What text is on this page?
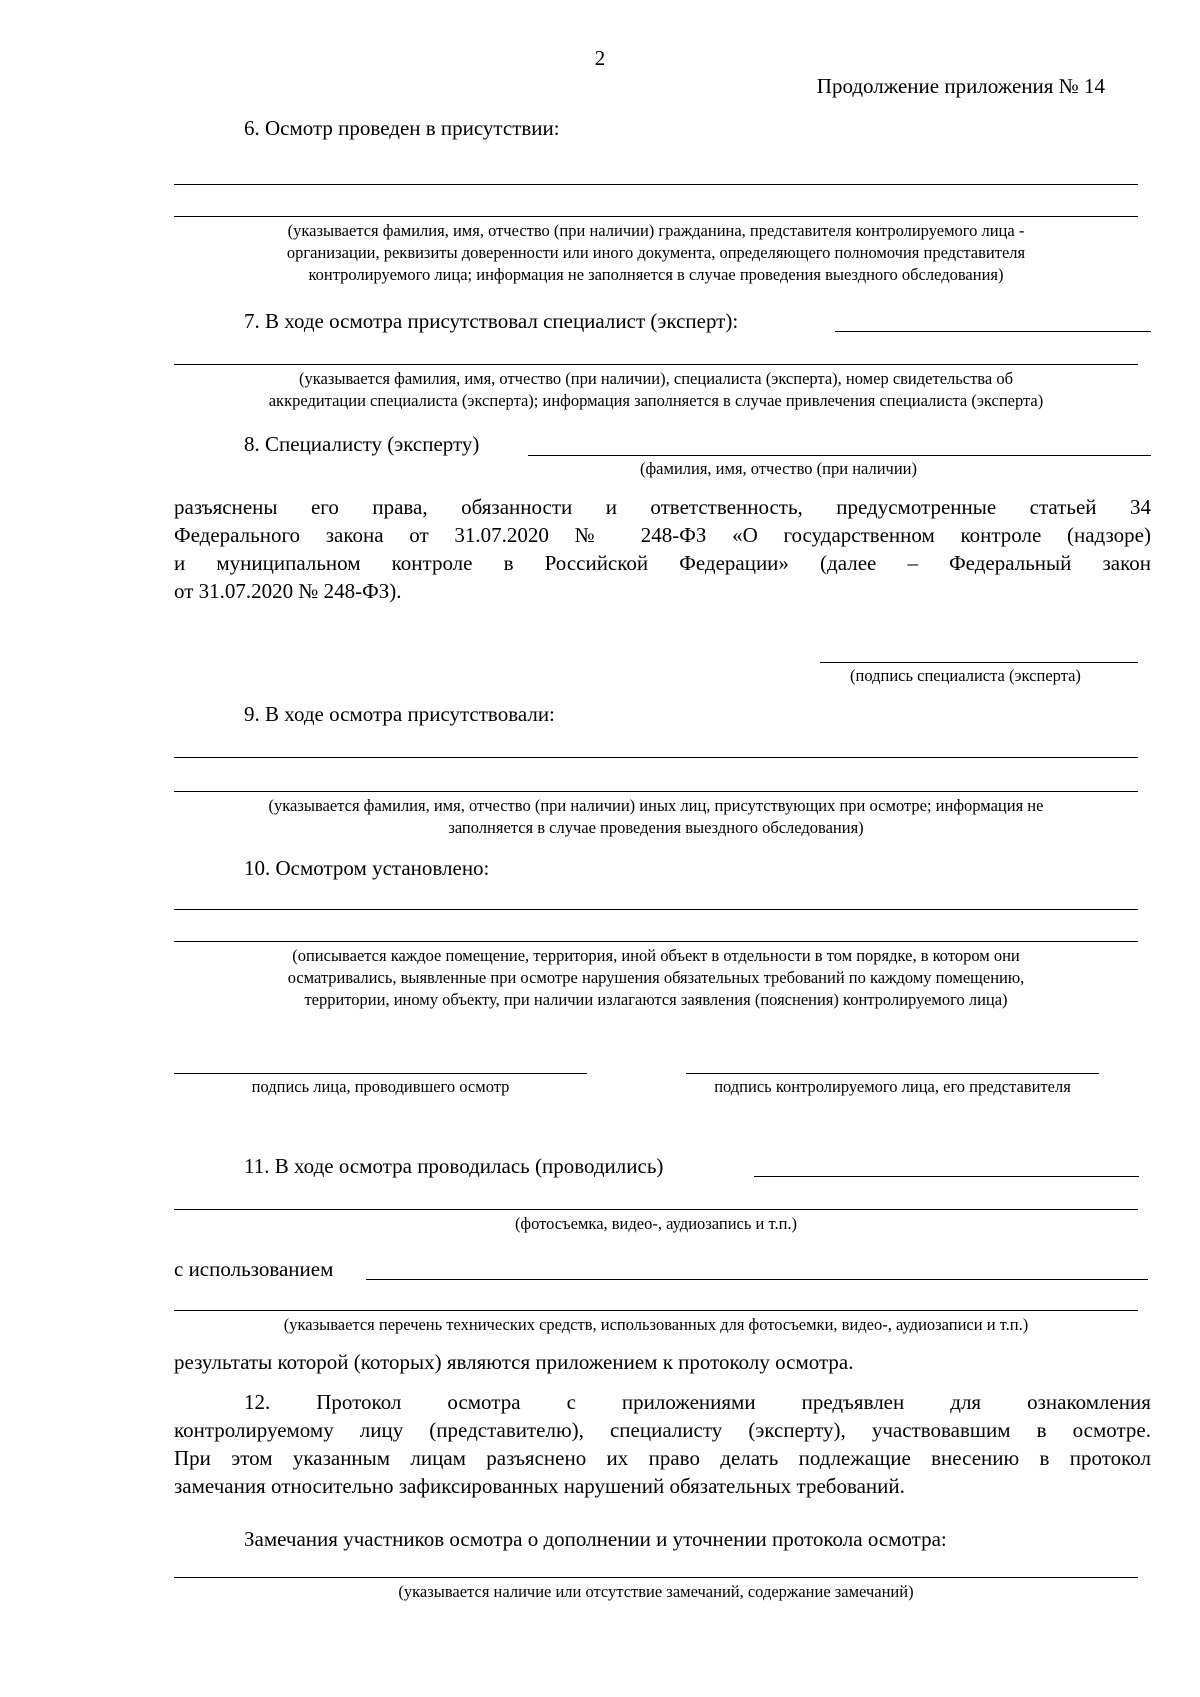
2
Продолжение приложения № 14
6. Осмотр проведен в присутствии:
(указывается фамилия, имя, отчество (при наличии) гражданина, представителя контролируемого лица -
организации, реквизиты доверенности или иного документа, определяющего полномочия представителя
контролируемого лица; информация не заполняется в случае проведения выездного обследования)
7. В ходе осмотра присутствовал специалист (эксперт):
(указывается фамилия, имя, отчество (при наличии), специалиста (эксперта), номер свидетельства об
аккредитации специалиста (эксперта); информация заполняется в случае привлечения специалиста (эксперта)
8. Специалисту (эксперту)
(фамилия, имя, отчество (при наличии)
разъяснены его права, обязанности и ответственность, предусмотренные статьей 34
Федерального закона от 31.07.2020 № 248-ФЗ «О государственном контроле (надзоре)
и муниципальном контроле в Российской Федерации» (далее – Федеральный закон
от 31.07.2020 № 248-ФЗ).
(подпись специалиста (эксперта)
9. В ходе осмотра присутствовали:
(указывается фамилия, имя, отчество (при наличии) иных лиц, присутствующих при осмотре; информация не
заполняется в случае проведения выездного обследования)
10. Осмотром установлено:
(описывается каждое помещение, территория, иной объект в отдельности в том порядке, в котором они
осматривались, выявленные при осмотре нарушения обязательных требований по каждому помещению,
территории, иному объекту, при наличии излагаются заявления (пояснения) контролируемого лица)
подпись лица, проводившего осмотр	подпись контролируемого лица, его представителя
11. В ходе осмотра проводилась (проводились)
(фотосъемка, видео-, аудиозапись и т.п.)
с использованием
(указывается перечень технических средств, использованных для фотосъемки, видео-, аудиозаписи и т.п.)
результаты которой (которых) являются приложением к протоколу осмотра.
12. Протокол осмотра с приложениями предъявлен для ознакомления
контролируемому лицу (представителю), специалисту (эксперту), участвовавшим в осмотре.
При этом указанным лицам разъяснено их право делать подлежащие внесению в протокол
замечания относительно зафиксированных нарушений обязательных требований.
Замечания участников осмотра о дополнении и уточнении протокола осмотра:
(указывается наличие или отсутствие замечаний, содержание замечаний)
